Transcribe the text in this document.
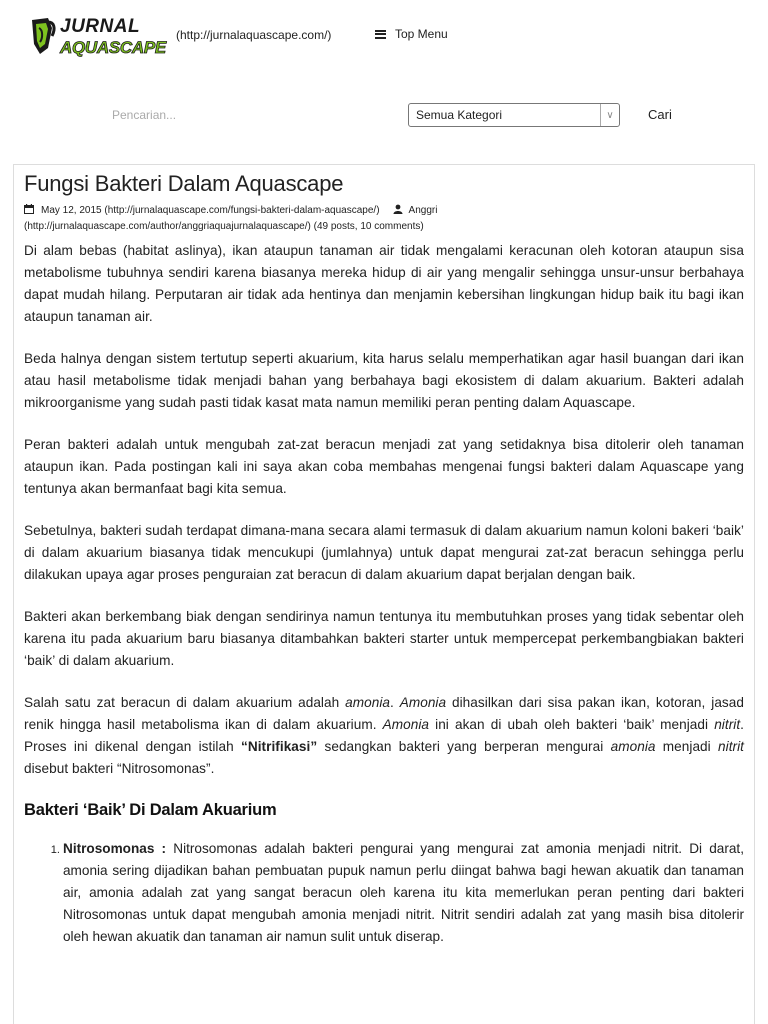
JURNAL
AQUASCAPE
(http://jurnalaquascape.com/)	Top Menu
Pencarian...
Semua Kategori	∨	Cari
Fungsi Bakteri Dalam Aquascape
May 12, 2015 (http://jurnalaquascape.com/fungsi-bakteri-dalam-aquascape/)	Anggri
(http://jurnalaquascape.com/author/anggriaquajurnalaquascape/) (49 posts, 10 comments)

Di alam bebas (habitat aslinya), ikan ataupun tanaman air tidak mengalami keracunan oleh kotoran ataupun sisa metabolisme tubuhnya sendiri karena biasanya mereka hidup di air yang mengalir sehingga unsur-unsur berbahaya dapat mudah hilang. Perputaran air tidak ada hentinya dan menjamin kebersihan lingkungan hidup baik itu bagi ikan ataupun tanaman air.

Beda halnya dengan sistem tertutup seperti akuarium, kita harus selalu memperhatikan agar hasil buangan dari ikan atau hasil metabolisme tidak menjadi bahan yang berbahaya bagi ekosistem di dalam akuarium. Bakteri adalah mikroorganisme yang sudah pasti tidak kasat mata namun memiliki peran penting dalam Aquascape.

Peran bakteri adalah untuk mengubah zat-zat beracun menjadi zat yang setidaknya bisa ditolerir oleh tanaman ataupun ikan. Pada postingan kali ini saya akan coba membahas mengenai fungsi bakteri dalam Aquascape yang tentunya akan bermanfaat bagi kita semua.

Sebetulnya, bakteri sudah terdapat dimana-mana secara alami termasuk di dalam akuarium namun koloni bakeri ‘baik’ di dalam akuarium biasanya tidak mencukupi (jumlahnya) untuk dapat mengurai zat-zat beracun sehingga perlu dilakukan upaya agar proses penguraian zat beracun di dalam akuarium dapat berjalan dengan baik.

Bakteri akan berkembang biak dengan sendirinya namun tentunya itu membutuhkan proses yang tidak sebentar oleh karena itu pada akuarium baru biasanya ditambahkan bakteri starter untuk mempercepat perkembangbiakan bakteri ‘baik’ di dalam akuarium.

Salah satu zat beracun di dalam akuarium adalah amonia. Amonia dihasilkan dari sisa pakan ikan, kotoran, jasad renik hingga hasil metabolisma ikan di dalam akuarium. Amonia ini akan di ubah oleh bakteri ‘baik’ menjadi nitrit. Proses ini dikenal dengan istilah “Nitrifikasi” sedangkan bakteri yang berperan mengurai amonia menjadi nitrit disebut bakteri “Nitrosomonas”.

Bakteri ‘Baik’ Di Dalam Akuarium
1. Nitrosomonas : Nitrosomonas adalah bakteri pengurai yang mengurai zat amonia menjadi nitrit. Di darat, amonia sering dijadikan bahan pembuatan pupuk namun perlu diingat bahwa bagi hewan akuatik dan tanaman air, amonia adalah zat yang sangat beracun oleh karena itu kita memerlukan peran penting dari bakteri Nitrosomonas untuk dapat mengubah amonia menjadi nitrit. Nitrit sendiri adalah zat yang masih bisa ditolerir oleh hewan akuatik dan tanaman air namun sulit untuk diserap.
